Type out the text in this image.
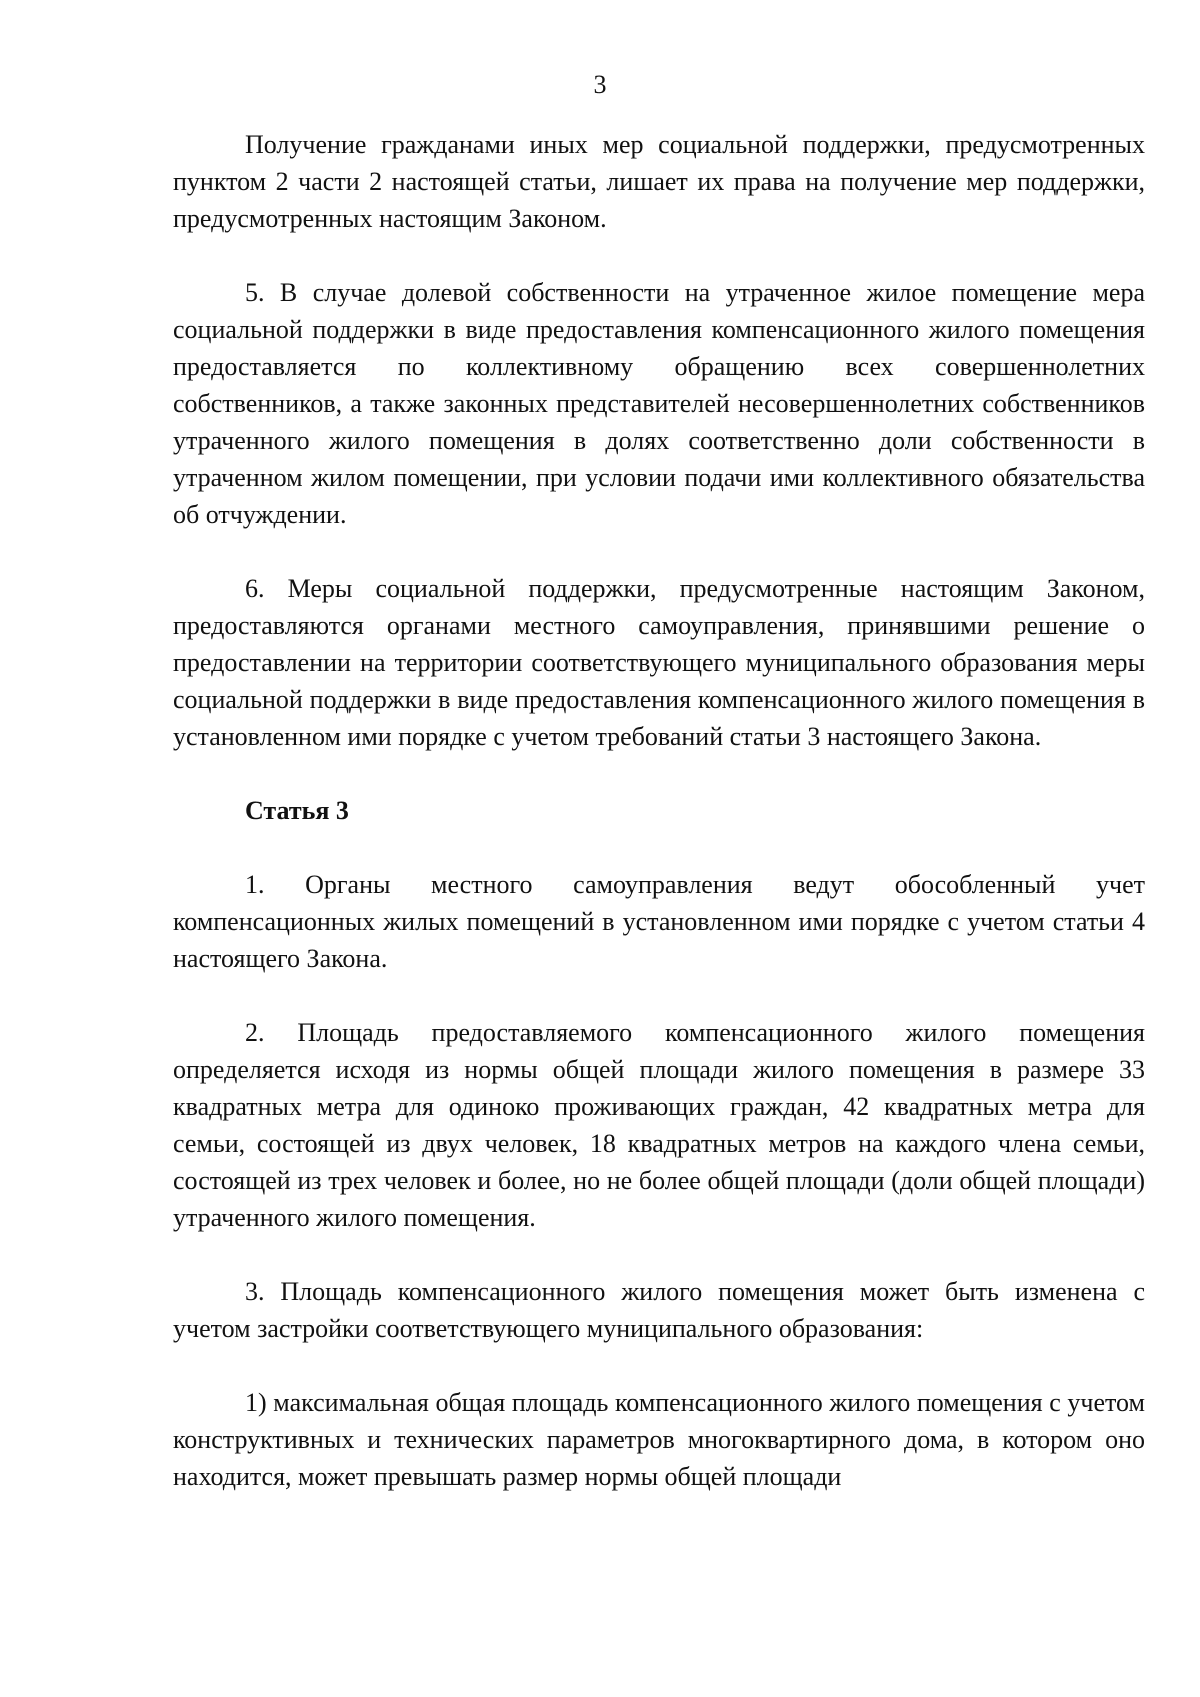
3

Получение гражданами иных мер социальной поддержки, предусмотренных пунктом 2 части 2 настоящей статьи, лишает их права на получение мер поддержки, предусмотренных настоящим Законом.

5. В случае долевой собственности на утраченное жилое помещение мера социальной поддержки в виде предоставления компенсационного жилого помещения предоставляется по коллективному обращению всех совершеннолетних собственников, а также законных представителей несовершеннолетних собственников утраченного жилого помещения в долях соответственно доли собственности в утраченном жилом помещении, при условии подачи ими коллективного обязательства об отчуждении.

6. Меры социальной поддержки, предусмотренные настоящим Законом, предоставляются органами местного самоуправления, принявшими решение о предоставлении на территории соответствующего муниципального образования меры социальной поддержки в виде предоставления компенсационного жилого помещения в установленном ими порядке с учетом требований статьи 3 настоящего Закона.

Статья 3

1. Органы местного самоуправления ведут обособленный учет компенсационных жилых помещений в установленном ими порядке с учетом статьи 4 настоящего Закона.

2. Площадь предоставляемого компенсационного жилого помещения определяется исходя из нормы общей площади жилого помещения в размере 33 квадратных метра для одиноко проживающих граждан, 42 квадратных метра для семьи, состоящей из двух человек, 18 квадратных метров на каждого члена семьи, состоящей из трех человек и более, но не более общей площади (доли общей площади) утраченного жилого помещения.

3. Площадь компенсационного жилого помещения может быть изменена с учетом застройки соответствующего муниципального образования:

1) максимальная общая площадь компенсационного жилого помещения с учетом конструктивных и технических параметров многоквартирного дома, в котором оно находится, может превышать размер нормы общей площади
